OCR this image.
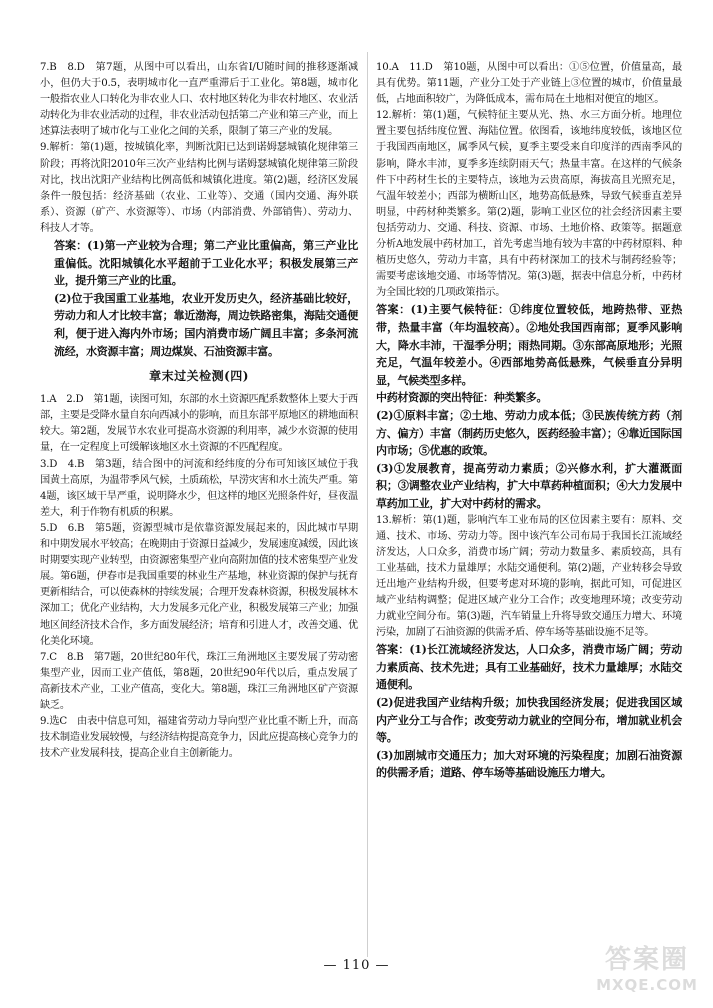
7.B　8.D　第7题，从图中可以看出，山东省I/U随时间的推移逐渐减小，但仍大于0.5，表明城市化一直严重滞后于工业化。第8题，城市化一般指农业人口转化为非农业人口、农村地区转化为非农村地区、农业活动转化为非农业活动的过程，非农业活动包括第二产业和第三产业，而上述算法表明了城市化与工业化之间的关系，限制了第三产业的发展。

9.解析：第(1)题，按城镇化率，判断沈阳已达到诺姆瑟城镇化规律第三阶段；再将沈阳2010年三次产业结构比例与诺姆瑟城镇化规律第三阶段对比，找出沈阳产业结构比例高低和城镇化进度。第(2)题，经济区发展条件一般包括：经济基础（农业、工业等）、交通（国内交通、海外联系）、资源（矿产、水资源等）、市场（内部消费、外部销售）、劳动力、科技人才等。

答案：(1)第一产业较为合理；第二产业比重偏高，第三产业比重偏低。沈阳城镇化水平超前于工业化水平；积极发展第三产业，提升第三产业的比重。

(2)位于我国重工业基地，农业开发历史久，经济基础比较好，劳动力和人才比较丰富；靠近渤海，周边铁路密集，海陆交通便利，便于进入海内外市场；国内消费市场广阔且丰富；多条河流流经，水资源丰富；周边煤炭、石油资源丰富。

章末过关检测(四)

1.A　2.D　第1题，读图可知，东部的水土资源匹配系数整体上要大于西部，主要是受降水量自东向西减小的影响，而且东部平原地区的耕地面积较大。第2题，发展节水农业可提高水资源的利用率，减少水资源的使用量，在一定程度上可缓解该地区水土资源的不匹配程度。

3.D　4.B　第3题，结合图中的河流和经纬度的分布可知该区域位于我国黄土高原，为温带季风气候，土质疏松，早涝灾害和水土流失严重。第4题，该区域干旱严重，说明降水少，但这样的地区光照条件好，昼夜温差大，利于作物有机质的积累。

5.D　6.B　第5题，资源型城市是依靠资源发展起来的，因此城市早期和中期发展水平较高；在晚期由于资源日益减少，发展速度减缓，因此该时期要实现产业转型，由资源密集型产业向高附加值的技术密集型产业发展。第6题，伊春市是我国重要的林业生产基地，林业资源的保护与抚育更新相结合，可以使森林的持续发展；合理开发森林资源，积极发展林木深加工；优化产业结构，大力发展多元化产业，积极发展第三产业；加强地区间经济技术合作，多方面发展经济；培育和引进人才，改善交通、优化美化环境。

7.C　8.B　第7题，20世纪80年代，珠江三角洲地区主要发展了劳动密集型产业，因而工业产值低，第8题，20世纪90年代以后，重点发展了高新技术产业，工业产值高，变化大。第8题，珠江三角洲地区矿产资源缺乏。

9.选C　由表中信息可知，福建省劳动力导向型产业比重不断上升，而高技术制造业发展较慢，与经济结构提高竞争力，因此应提高核心竞争力的技术产业发展科技，提高企业自主创新能力。

10.A　11.D　第10题，从图中可以看出：①⑤位置，价值量高，最具有优势。第11题，产业分工处于产业链上③位置的城市，价值量最低，占地面积较广，为降低成本，需布局在土地相对便宜的地区。

12.解析：第(1)题，气候特征主要从光、热、水三方面分析。地理位置主要包括纬度位置、海陆位置。依图看，该地纬度较低，该地区位于我国西南地区，属季风气候，夏季主要受来自印度洋的西南季风的影响，降水丰沛，夏季多连续阴雨天气；热量丰富。在这样的气候条件下中药材生长的主要特点，该地为云贵高原，海拔高且光照充足，气温年较差小；西部为横断山区，地势高低悬殊，导致气候垂直差异明显，中药材种类繁多。第(2)题，影响工业区位的社会经济因素主要包括劳动力、交通、科技、资源、市场、土地价格、政策等。据题意分析A地发展中药材加工，首先考虑当地有较为丰富的中药材原料、种植历史悠久，劳动力丰富，具有中药材深加工的技术与制药经验等；需要考虑该地交通、市场等情况。第(3)题，据表中信息分析，中药材为全国比较的几项政策指示。

答案：(1)主要气候特征：①纬度位置较低，地跨热带、亚热带，热量丰富（年均温较高）。②地处我国西南部；夏季风影响大，降水丰沛，干湿季分明；雨热同期。③东部高原地形；光照充足，气温年较差小。④西部地势高低悬殊，气候垂直分异明显，气候类型多样。

中药材资源的突出特征：种类繁多。

(2)①原料丰富；②土地、劳动力成本低；③民族传统方药（剂方、偏方）丰富（制药历史悠久，医药经验丰富）；④靠近国际国内市场；⑤优惠的政策。

(3)①发展教育，提高劳动力素质；②兴修水利，扩大灌溉面积；③调整农业产业结构，扩大中草药种植面积；④大力发展中草药加工业，扩大对中药材的需求。

13.解析：第(1)题，影响汽车工业布局的区位因素主要有：原料、交通、技术、市场、劳动力等。图中该汽车公司布局于我国长江流域经济发达，人口众多，消费市场广阔；劳动力数量多、素质较高，具有工业基础，技术力量雄厚；水陆交通便利。第(2)题，产业转移会导致迁出地产业结构升级，但要考虑对环境的影响，据此可知，可促进区域产业结构调整；促进区域产业分工合作；改变地理环境；改变劳动力就业空间分布。第(3)题，汽车销量上升将导致交通压力增大、环境污染，加剧了石油资源的供需矛盾、停车场等基础设施不足等。

答案：(1)长江流域经济发达，人口众多，消费市场广阔；劳动力素质高、技术先进；具有工业基础好，技术力量雄厚；水陆交通便利。

(2)促进我国产业结构升级；加快我国经济发展；促进我国区域内产业分工与合作；改变劳动力就业的空间分布，增加就业机会等。

(3)加剧城市交通压力；加大对环境的污染程度；加剧石油资源的供需矛盾；道路、停车场等基础设施压力增大。

— 110 —	答案圈
MXQE.COM
